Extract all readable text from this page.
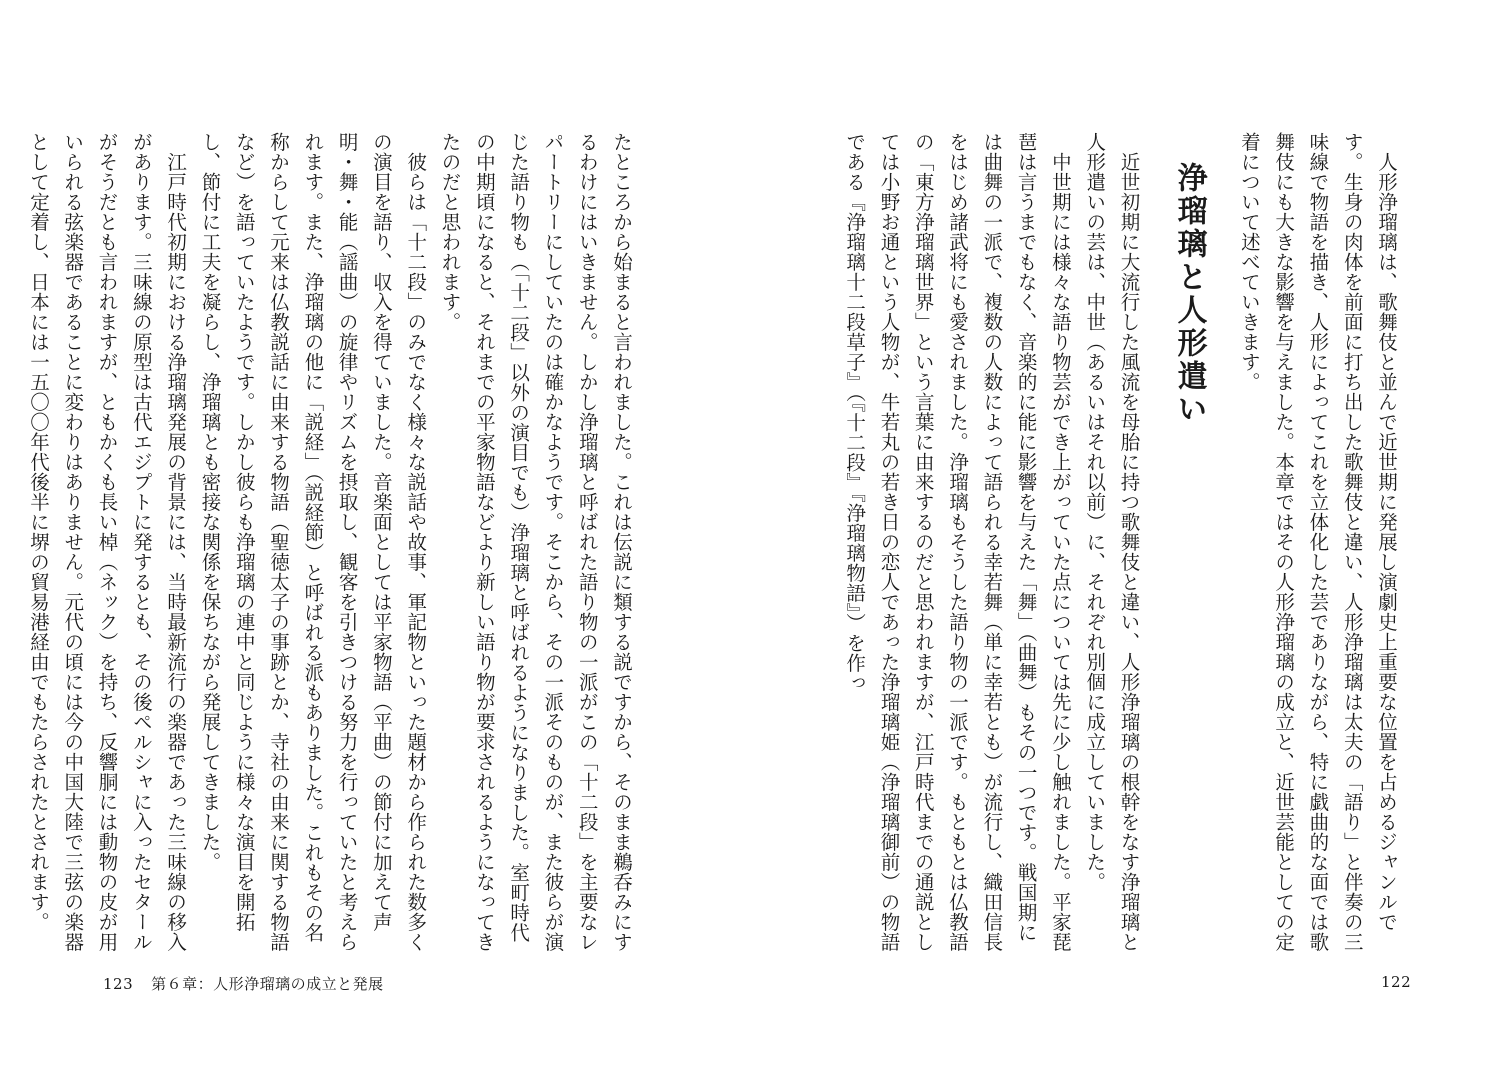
たところから始まると言われました。これは伝説に類する説ですから、そのまま鵜呑みにするわけにはいきません。しかし浄瑠璃と呼ばれた語り物の一派がこの「十二段」を主要なレパートリーにしていたのは確かなようです。そこから、その一派そのものが、また彼らが演じた語り物も（「十二段」以外の演目でも）浄瑠璃と呼ばれるようになりました。室町時代の中期頃になると、それまでの平家物語などより新しい語り物が要求されるようになってきたのだと思われます。

彼らは「十二段」のみでなく様々な説話や故事、軍記物といった題材から作られた数多くの演目を語り、収入を得ていました。音楽面としては平家物語（平曲）の節付に加えて声明・舞・能（謡曲）の旋律やリズムを摂取し、観客を引きつける努力を行っていたと考えられます。また、浄瑠璃の他に「説経」（説経節）と呼ばれる派もありました。これもその名称からして元来は仏教説話に由来する物語（聖徳太子の事跡とか、寺社の由来に関する物語など）を語っていたようです。しかし彼らも浄瑠璃の連中と同じように様々な演目を開拓し、節付に工夫を凝らし、浄瑠璃とも密接な関係を保ちながら発展してきました。

江戸時代初期における浄瑠璃発展の背景には、当時最新流行の楽器であった三味線の移入があります。三味線の原型は古代エジプトに発するとも、その後ペルシャに入ったセタールがそうだとも言われますが、ともかくも長い棹（ネック）を持ち、反響胴には動物の皮が用いられる弦楽器であることに変わりはありません。元代の頃には今の中国大陸で三弦の楽器として定着し、日本には一五〇〇年代後半に堺の貿易港経由でもたらされたとされます。

123 第６章：人形浄瑠璃の成立と発展

人形浄瑠璃は、歌舞伎と並んで近世期に発展し演劇史上重要な位置を占めるジャンルです。生身の肉体を前面に打ち出した歌舞伎と違い、人形浄瑠璃は太夫の「語り」と伴奏の三味線で物語を描き、人形によってこれを立体化した芸でありながら、特に戯曲的な面では歌舞伎にも大きな影響を与えました。本章ではその人形浄瑠璃の成立と、近世芸能としての定着について述べていきます。

浄瑠璃と人形遣い

近世初期に大流行した風流を母胎に持つ歌舞伎と違い、人形浄瑠璃の根幹をなす浄瑠璃と人形遣いの芸は、中世（あるいはそれ以前）に、それぞれ別個に成立していました。

中世期には様々な語り物芸ができ上がっていた点については先に少し触れました。平家琵琶は言うまでもなく、音楽的に能に影響を与えた「舞」（曲舞）もその一つです。戦国期には曲舞の一派で、複数の人数によって語られる幸若舞（単に幸若とも）が流行し、織田信長をはじめ諸武将にも愛されました。浄瑠璃もそうした語り物の一派です。もともとは仏教語の「東方浄瑠璃世界」という言葉に由来するのだと思われますが、江戸時代までの通説としては小野お通という人物が、牛若丸の若き日の恋人であった浄瑠璃姫（浄瑠璃御前）の物語である『浄瑠璃十二段草子』（『十二段』『浄瑠璃物語』）を作っ

122
